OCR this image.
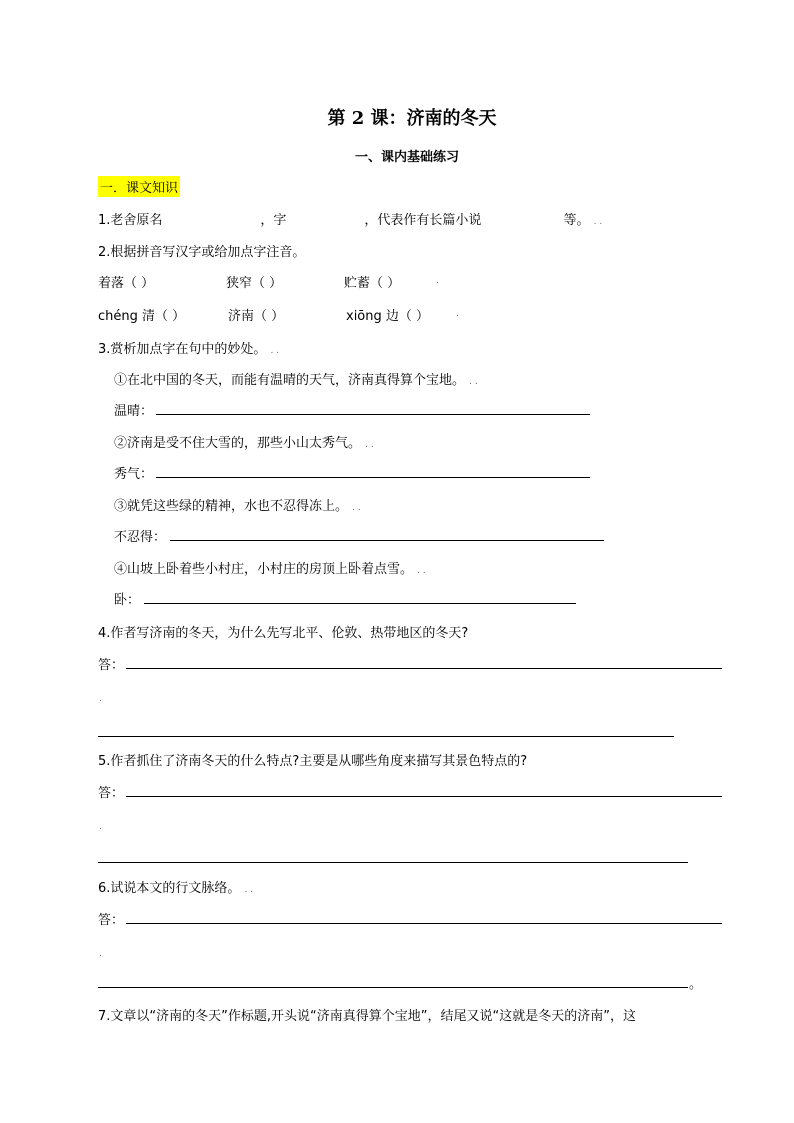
第 2 课：济南的冬天
一、课内基础练习
一．课文知识
1.老舍原名	，字	，代表作有长篇小说	等。 . .
2.根据拼音写汉字或给加点字注音。
着落（ ）	狭窄（ ）	贮蓄（ ）	.
chéng 清（ ）	济南（ ）	xiōng 边（ ）	.
3.赏析加点字在句中的妙处。 . .
①在北中国的冬天，而能有温晴的天气，济南真得算个宝地。 . .
温晴：
②济南是受不住大雪的，那些小山太秀气。 . .
秀气：
③就凭这些绿的精神，水也不忍得冻上。 . .
不忍得：
④山坡上卧着些小村庄，小村庄的房顶上卧着点雪。 . .
卧：
4.作者写济南的冬天，为什么先写北平、伦敦、热带地区的冬天?
答：
.
5.作者抓住了济南冬天的什么特点?主要是从哪些角度来描写其景色特点的?
答：
.
6.试说本文的行文脉络。 . .
答：
.
。
7.文章以“济南的冬天”作标题,开头说“济南真得算个宝地”，结尾又说“这就是冬天的济南”，这
